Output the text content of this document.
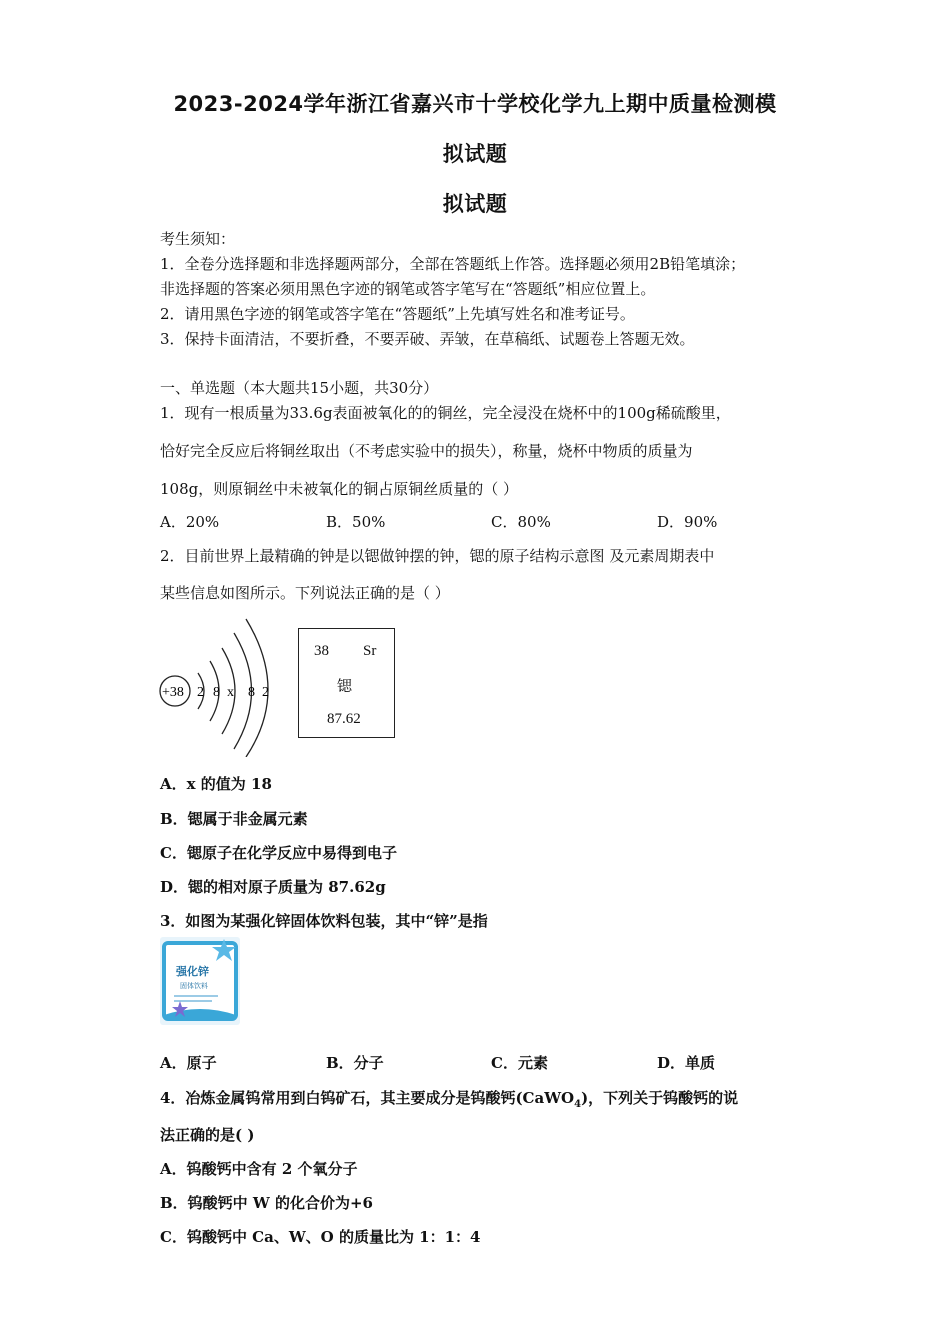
2023-2024学年浙江省嘉兴市十学校化学九上期中质量检测模
拟试题
拟试题
考生须知：
1．全卷分选择题和非选择题两部分，全部在答题纸上作答。选择题必须用2B铅笔填涂；
非选择题的答案必须用黑色字迹的钢笔或答字笔写在“答题纸”相应位置上。
2．请用黑色字迹的钢笔或答字笔在“答题纸”上先填写姓名和准考证号。
3．保持卡面清洁，不要折叠，不要弄破、弄皱，在草稿纸、试题卷上答题无效。
一、单选题（本大题共15小题，共30分）
1．现有一根质量为33.6g表面被氧化的的铜丝，完全浸没在烧杯中的100g稀硫酸里，
恰好完全反应后将铜丝取出（不考虑实验中的损失），称量，烧杯中物质的质量为
108g，则原铜丝中未被氧化的铜占原铜丝质量的（ ）
A．20%	B．50%	C．80%	D．90%
2．目前世界上最精确的钟是以锶做钟摆的钟，锶的原子结构示意图 及元素周期表中
某些信息如图所示。下列说法正确的是（ ）
+38 2 8 x 8 2
38 Sr
锶
87.62
A．x 的值为 18
B．锶属于非金属元素
C．锶原子在化学反应中易得到电子
D．锶的相对原子质量为 87.62g
3．如图为某强化锌固体饮料包装，其中“锌”是指
强化锌
固体饮料
A．原子	B．分子	C．元素	D．单质
4．冶炼金属钨常用到白钨矿石，其主要成分是钨酸钙(CaWO$_4$)，下列关于钨酸钙的说
法正确的是( )
A．钨酸钙中含有 2 个氧分子
B．钨酸钙中 W 的化合价为+6
C．钨酸钙中 Ca、W、O 的质量比为 1：1：4
